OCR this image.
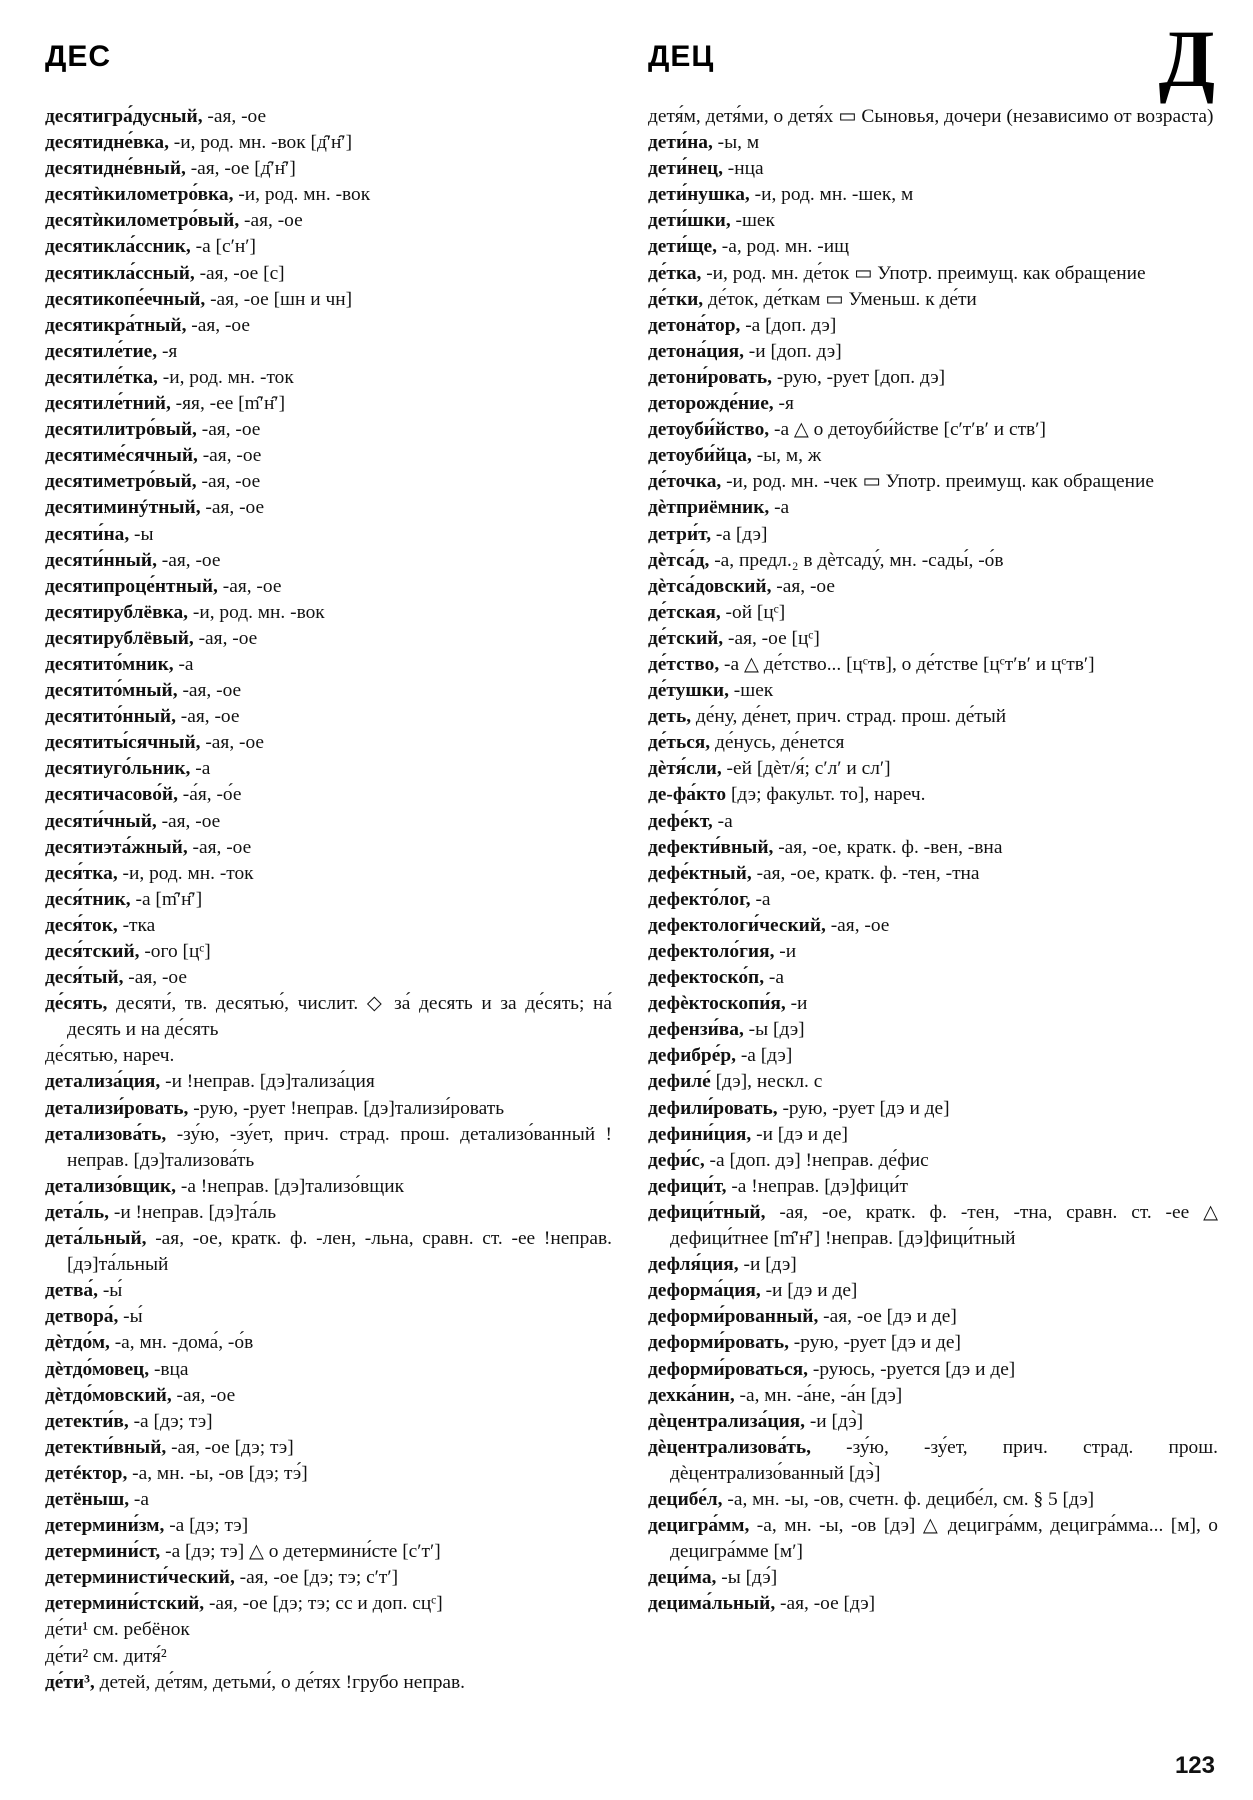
ДЕС	ДЕЦ	Д

десятигра́дусный, -ая, -ое

десятидне́вка, -и, род. мн. -вок [д̑ʹн̑ʹ]

десятидне́вный, -ая, -ое [д̑ʹн̑ʹ]

десятѝкилометро́вка, -и, род. мн. -вок

десятѝкилометро́вый, -ая, -ое

десятикла́ссник, -а [сʹнʹ]

десятикла́ссный, -ая, -ое [с]

десятикопе́ечный, -ая, -ое [шн и чн]

десятикра́тный, -ая, -ое

десятиле́тие, -я

десятиле́тка, -и, род. мн. -ток

десятиле́тний, -яя, -ее [m̑ʹн̑ʹ]

десятилитро́вый, -ая, -ое

десятиме́сячный, -ая, -ое

десятиметро́вый, -ая, -ое

десятиминýтный, -ая, -ое

десяти́на, -ы

десяти́нный, -ая, -ое

десятипроце́нтный, -ая, -ое

десятирублёвка, -и, род. мн. -вок

десятирублёвый, -ая, -ое

десятито́мник, -а

десятито́мный, -ая, -ое

десятито́нный, -ая, -ое

десятиты́сячный, -ая, -ое

десятиуго́льник, -а

десятичасово́й, -а́я, -о́е

десяти́чный, -ая, -ое

десятиэта́жный, -ая, -ое

деся́тка, -и, род. мн. -ток

деся́тник, -а [m̑ʹн̑ʹ]

деся́ток, -тка

деся́тский, -ого [цᶜ]

деся́тый, -ая, -ое

де́сять, десяти́, тв. десятью́, числит. ◇ за́ десять и за де́сять; на́ десять и на де́сять

де́сятью, нареч.

детализа́ция, -и !неправ. [дэ]тализа́ция

детализи́ровать, -рую, -рует !неправ. [дэ]тализи́ровать

детализова́ть, -зу́ю, -зу́ет, прич. страд. прош. детализо́ванный !неправ. [дэ]тализова́ть

детализо́вщик, -а !неправ. [дэ]тализо́вщик

дета́ль, -и !неправ. [дэ]та́ль

дета́льный, -ая, -ое, кратк. ф. -лен, -льна, сравн. ст. -ее !неправ. [дэ]та́льный

детва́, -ы́

детвора́, -ы́

дѐтдо́м, -а, мн. -дома́, -о́в

дѐтдо́мовец, -вца

дѐтдо́мовский, -ая, -ое

детекти́в, -а [дэ; тэ]

детекти́вный, -ая, -ое [дэ; тэ]

детéктор, -а, мн. -ы, -ов [дэ; тэ́]

детёныш, -а

детермини́зм, -а [дэ; тэ]

детермини́ст, -а [дэ; тэ] △ о детермини́сте [сʹтʹ]

детерминисти́ческий, -ая, -ое [дэ; тэ; сʹтʹ]

детермини́стский, -ая, -ое [дэ; тэ; сс и доп. сцᶜ]

де́ти¹ см. ребёнок

де́ти² см. дитя́²

де́ти³, детей, де́тям, детьми́, о де́тях !грубо неправ.

детя́м, детя́ми, о детя́х ▭ Сыновья, дочери (независимо от возраста)

дети́на, -ы, м

дети́нец, -нца

дети́нушка, -и, род. мн. -шек, м

дети́шки, -шек

дети́ще, -а, род. мн. -ищ

де́тка, -и, род. мн. де́ток ▭ Употр. преимущ. как обращение

де́тки, де́ток, де́ткам ▭ Уменьш. к де́ти

детона́тор, -а [доп. дэ]

детона́ция, -и [доп. дэ]

детони́ровать, -рую, -рует [доп. дэ]

деторожде́ние, -я

детоуби́йство, -а △ о детоуби́йстве [сʹтʹвʹ и ствʹ]

детоуби́йца, -ы, м, ж

де́точка, -и, род. мн. -чек ▭ Употр. преимущ. как обращение

дѐтприёмник, -а

детри́т, -а [дэ]

дѐтса́д, -а, предл.₂ в дѐтсаду́, мн. -сады́, -о́в

дѐтса́довский, -ая, -ое

де́тская, -ой [цᶜ]

де́тский, -ая, -ое [цᶜ]

де́тство, -а △ де́тство... [цᶜтв], о де́тстве [цᶜтʹвʹ и цᶜтвʹ]

де́тушки, -шек

деть, де́ну, де́нет, прич. страд. прош. де́тый

де́ться, де́нусь, де́нется

дѐтя́сли, -ей [дѐт/я́; сʹлʹ и слʹ]

де-фа́кто [дэ; факульт. то], нареч.

дефе́кт, -а

дефекти́вный, -ая, -ое, кратк. ф. -вен, -вна

дефе́ктный, -ая, -ое, кратк. ф. -тен, -тна

дефекто́лог, -а

дефектологи́ческий, -ая, -ое

дефектоло́гия, -и

дефектоско́п, -а

дефѐктоскопи́я, -и

дефензи́ва, -ы [дэ]

дефибре́р, -а [дэ]

дефиле́ [дэ], нескл. с

дефили́ровать, -рую, -рует [дэ и де]

дефини́ция, -и [дэ и де]

дефи́с, -а [доп. дэ] !неправ. де́фис

дефици́т, -а !неправ. [дэ]фици́т

дефици́тный, -ая, -ое, кратк. ф. -тен, -тна, сравн. ст. -ее △ дефици́тнее [m̑ʹн̑ʹ] !неправ. [дэ]фици́тный

дефля́ция, -и [дэ]

деформа́ция, -и [дэ и де]

деформи́рованный, -ая, -ое [дэ и де]

деформи́ровать, -рую, -рует [дэ и де]

деформи́роваться, -руюсь, -руется [дэ и де]

дехка́нин, -а, мн. -а́не, -а́н [дэ]

дѐцентрализа́ция, -и [дэ̀]

дѐцентрализова́ть, -зу́ю, -зу́ет, прич. страд. прош. дѐцентрализо́ванный [дэ̀]

децибе́л, -а, мн. -ы, -ов, счетн. ф. децибе́л, см. § 5 [дэ]

децигра́мм, -а, мн. -ы, -ов [дэ] △ децигра́мм, децигра́мма... [м], о децигра́мме [мʹ]

деци́ма, -ы [дэ́]

децима́льный, -ая, -ое [дэ]

123
